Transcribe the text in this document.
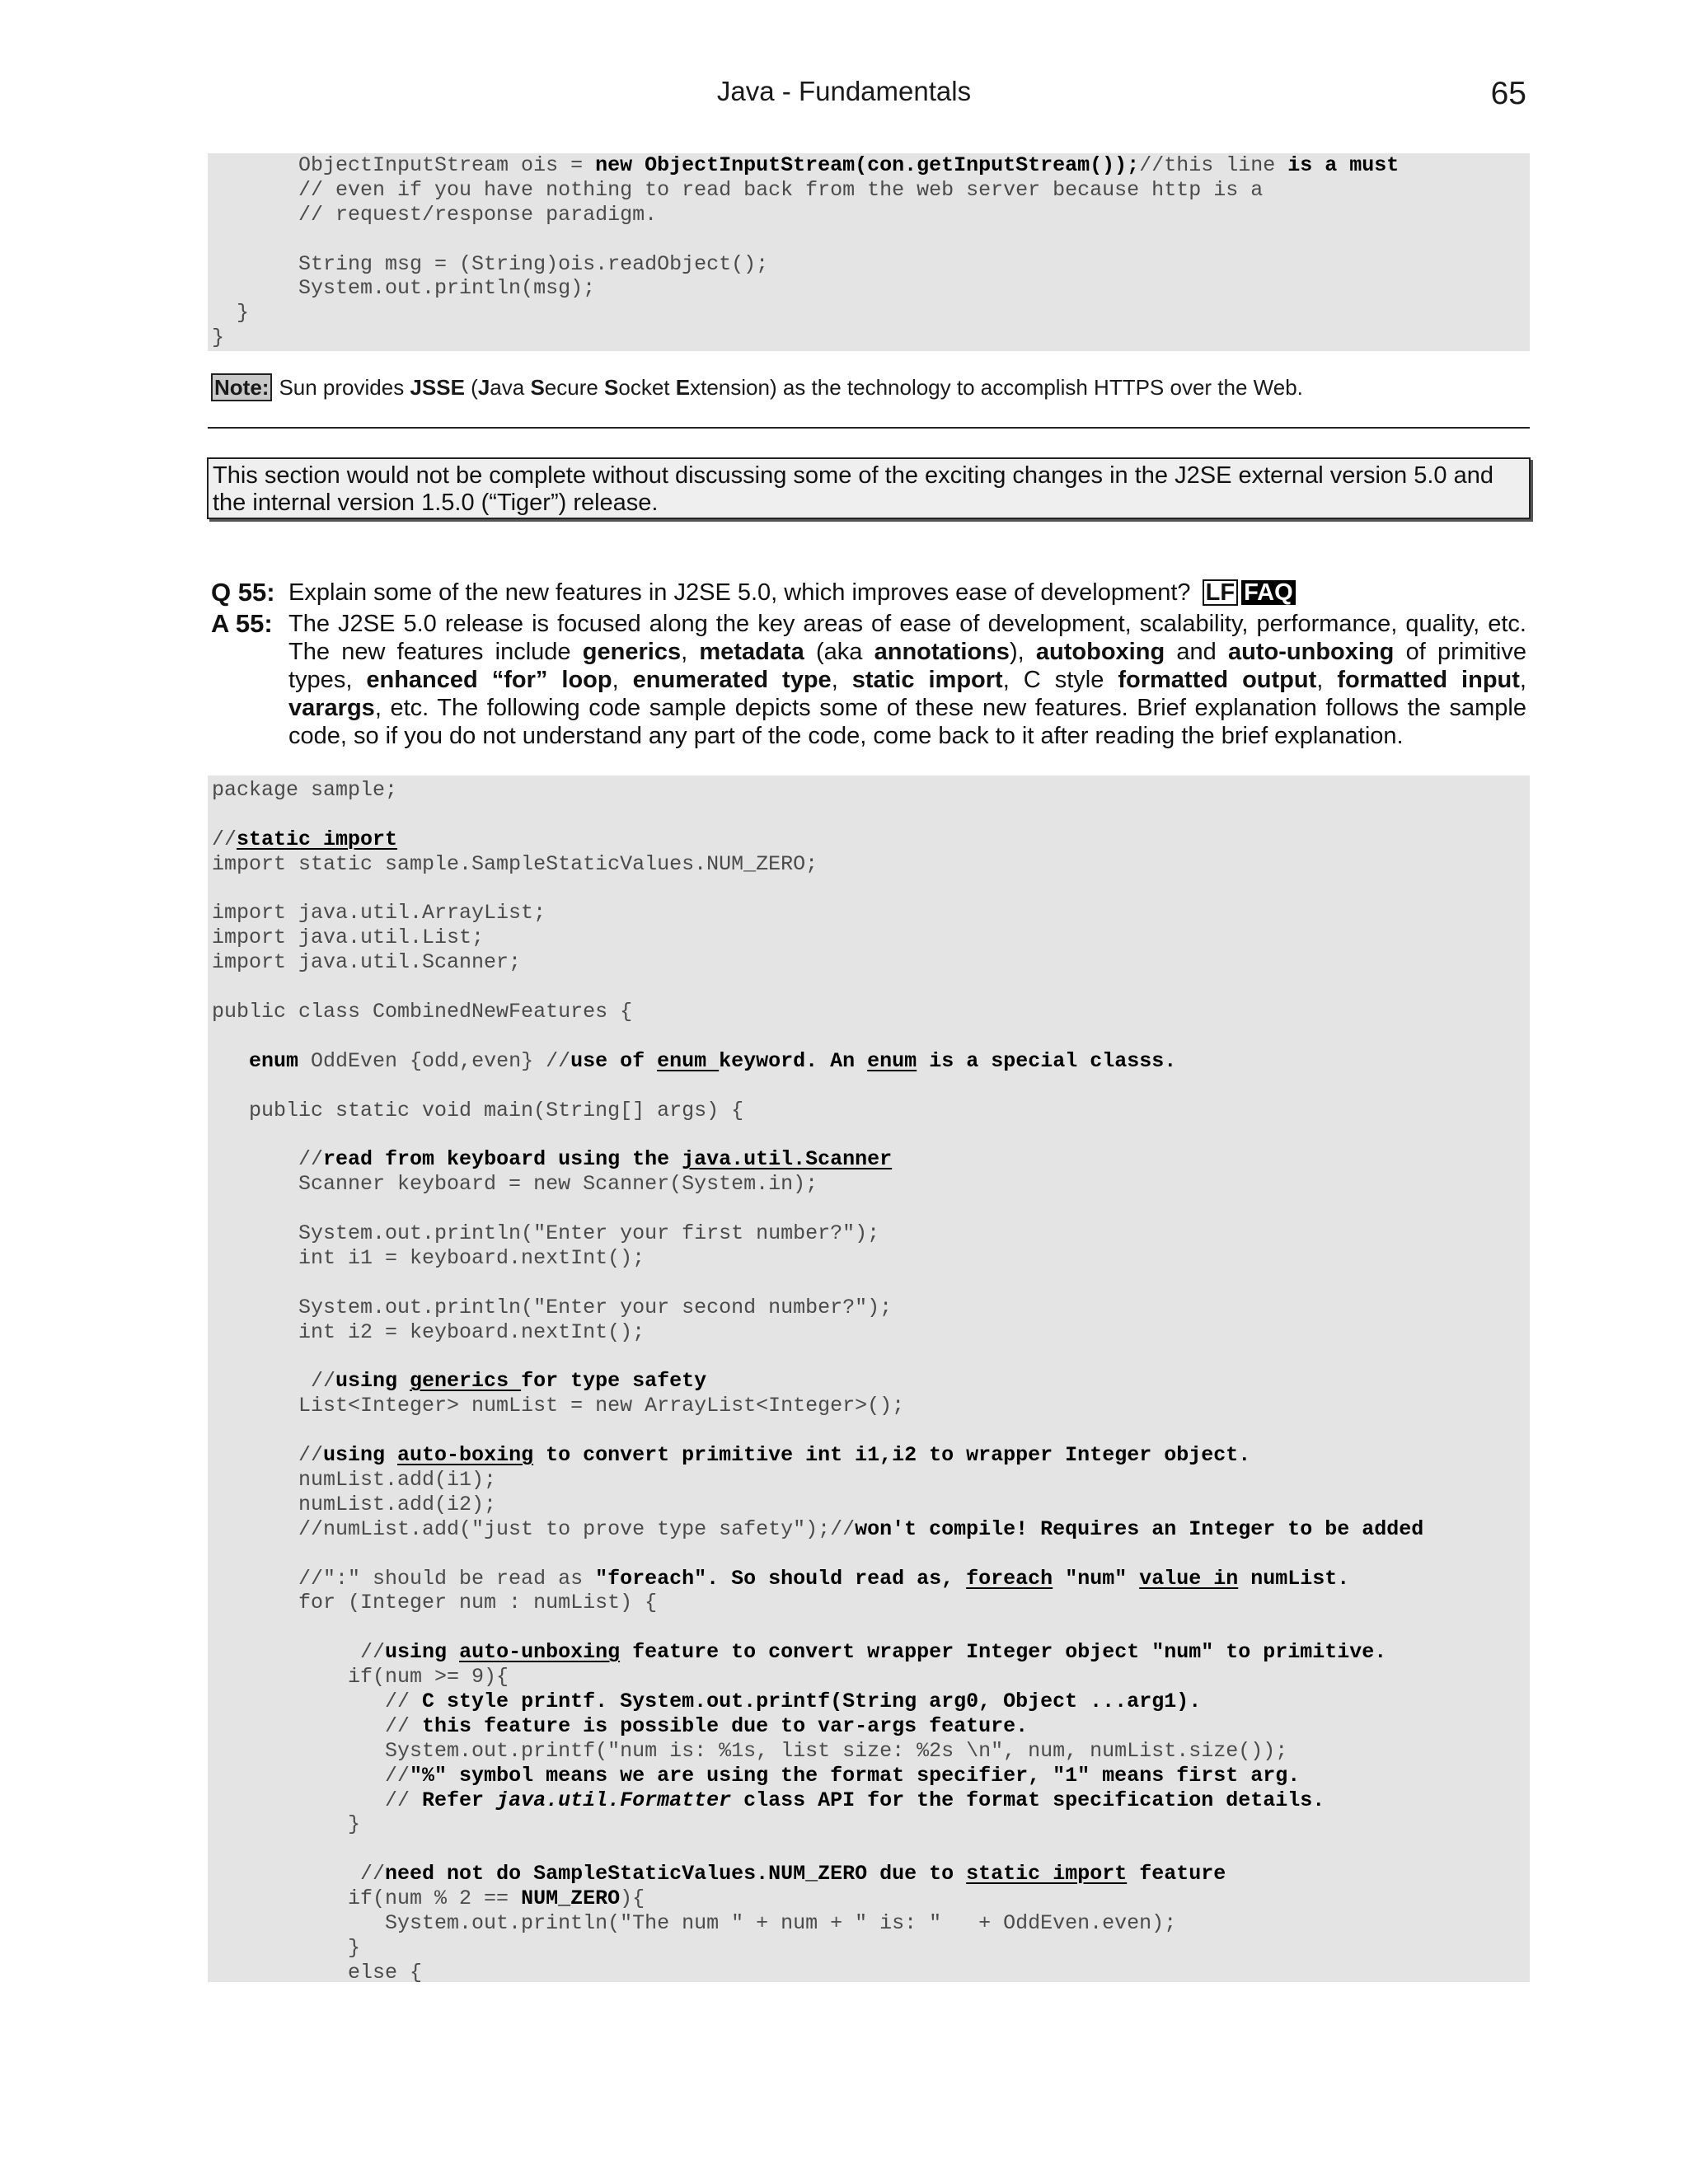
Java - Fundamentals	65
ObjectInputStream ois = new ObjectInputStream(con.getInputStream());//this line is a must
// even if you have nothing to read back from the web server because http is a
// request/response paradigm.
String msg = (String)ois.readObject();
System.out.println(msg);
}
}
Note: Sun provides JSSE (Java Secure Socket Extension) as the technology to accomplish HTTPS over the Web.
This section would not be complete without discussing some of the exciting changes in the J2SE external version 5.0 and the internal version 1.5.0 (“Tiger”) release.
Q 55: Explain some of the new features in J2SE 5.0, which improves ease of development? LF FAQ
A 55: The J2SE 5.0 release is focused along the key areas of ease of development, scalability, performance, quality, etc. The new features include generics, metadata (aka annotations), autoboxing and auto-unboxing of primitive types, enhanced “for” loop, enumerated type, static import, C style formatted output, formatted input, varargs, etc. The following code sample depicts some of these new features. Brief explanation follows the sample code, so if you do not understand any part of the code, come back to it after reading the brief explanation.
package sample;
//static import
import static sample.SampleStaticValues.NUM_ZERO;
import java.util.ArrayList;
import java.util.List;
import java.util.Scanner;
public class CombinedNewFeatures {
enum OddEven {odd,even} //use of enum keyword. An enum is a special classs.
public static void main(String[] args) {
//read from keyboard using the java.util.Scanner
Scanner keyboard = new Scanner(System.in);
System.out.println("Enter your first number?");
int i1 = keyboard.nextInt();
System.out.println("Enter your second number?");
int i2 = keyboard.nextInt();
//using generics for type safety
List<Integer> numList = new ArrayList<Integer>();
//using auto-boxing to convert primitive int i1,i2 to wrapper Integer object.
numList.add(i1);
numList.add(i2);
//numList.add("just to prove type safety");//won't compile! Requires an Integer to be added
//":" should be read as "foreach". So should read as, foreach "num" value in numList.
for (Integer num : numList) {
//using auto-unboxing feature to convert wrapper Integer object "num" to primitive.
if(num >= 9){
// C style printf. System.out.printf(String arg0, Object ...arg1).
// this feature is possible due to var-args feature.
System.out.printf("num is: %1s, list size: %2s \n", num, numList.size());
//"%" symbol means we are using the format specifier, "1" means first arg.
// Refer java.util.Formatter class API for the format specification details.
}
//need not do SampleStaticValues.NUM_ZERO due to static import feature
if(num % 2 == NUM_ZERO){
System.out.println("The num " + num + " is: "   + OddEven.even);
}
else {
